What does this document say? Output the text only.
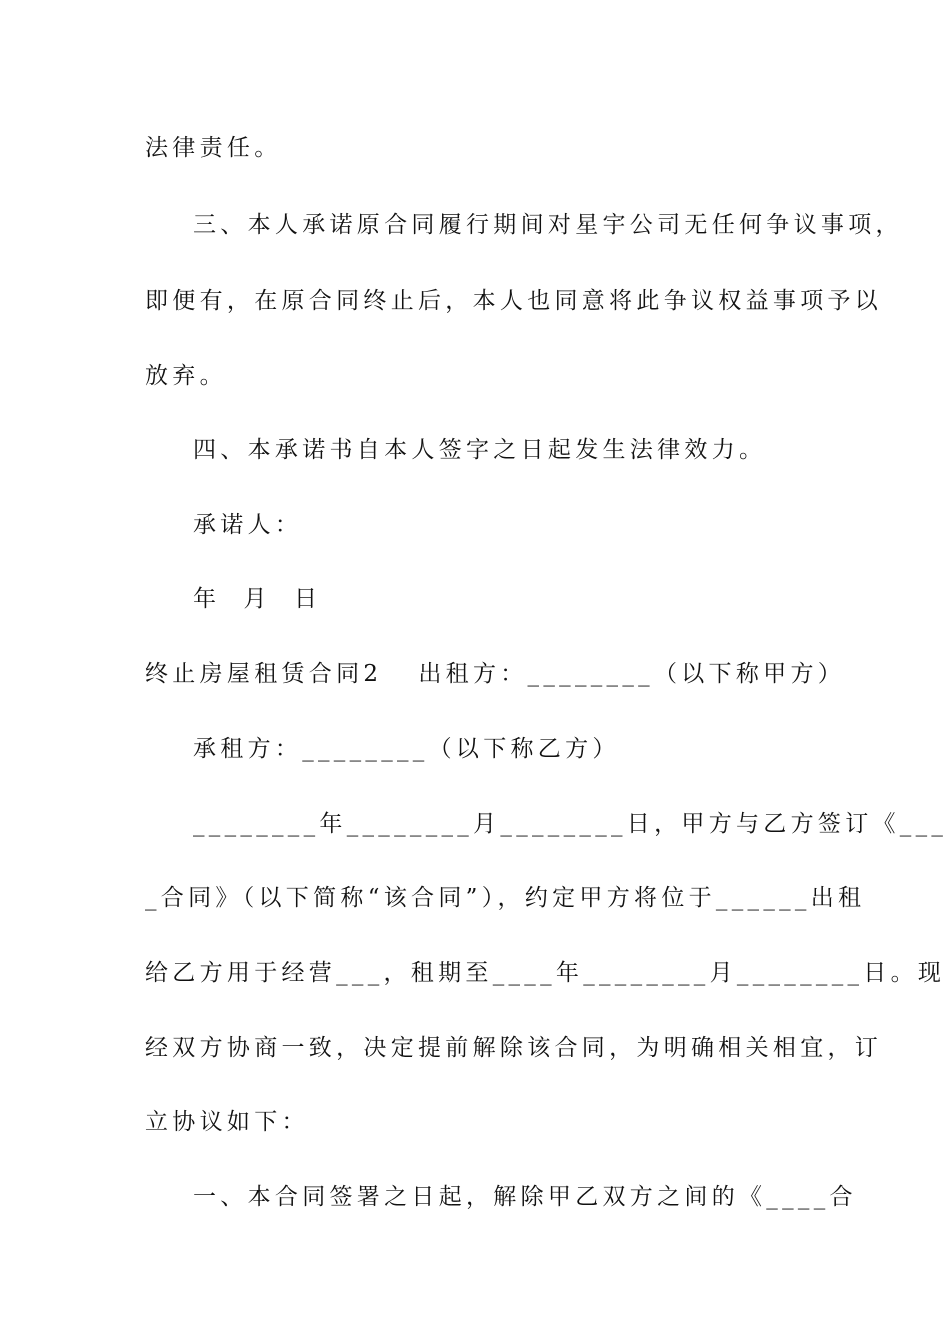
法律责任。
三、本人承诺原合同履行期间对星宇公司无任何争议事项，
即便有，在原合同终止后，本人也同意将此争议权益事项予以
放弃。
四、本承诺书自本人签字之日起发生法律效力。
承诺人：
年  月  日
终止房屋租赁合同2 出租方：________（以下称甲方）
承租方：________（以下称乙方）
________年________月________日，甲方与乙方签订《___
_合同》（以下简称“该合同”），约定甲方将位于______出租
给乙方用于经营___，租期至____年________月________日。现
经双方协商一致，决定提前解除该合同，为明确相关相宜，订
立协议如下：
一、本合同签署之日起，解除甲乙双方之间的《____合
